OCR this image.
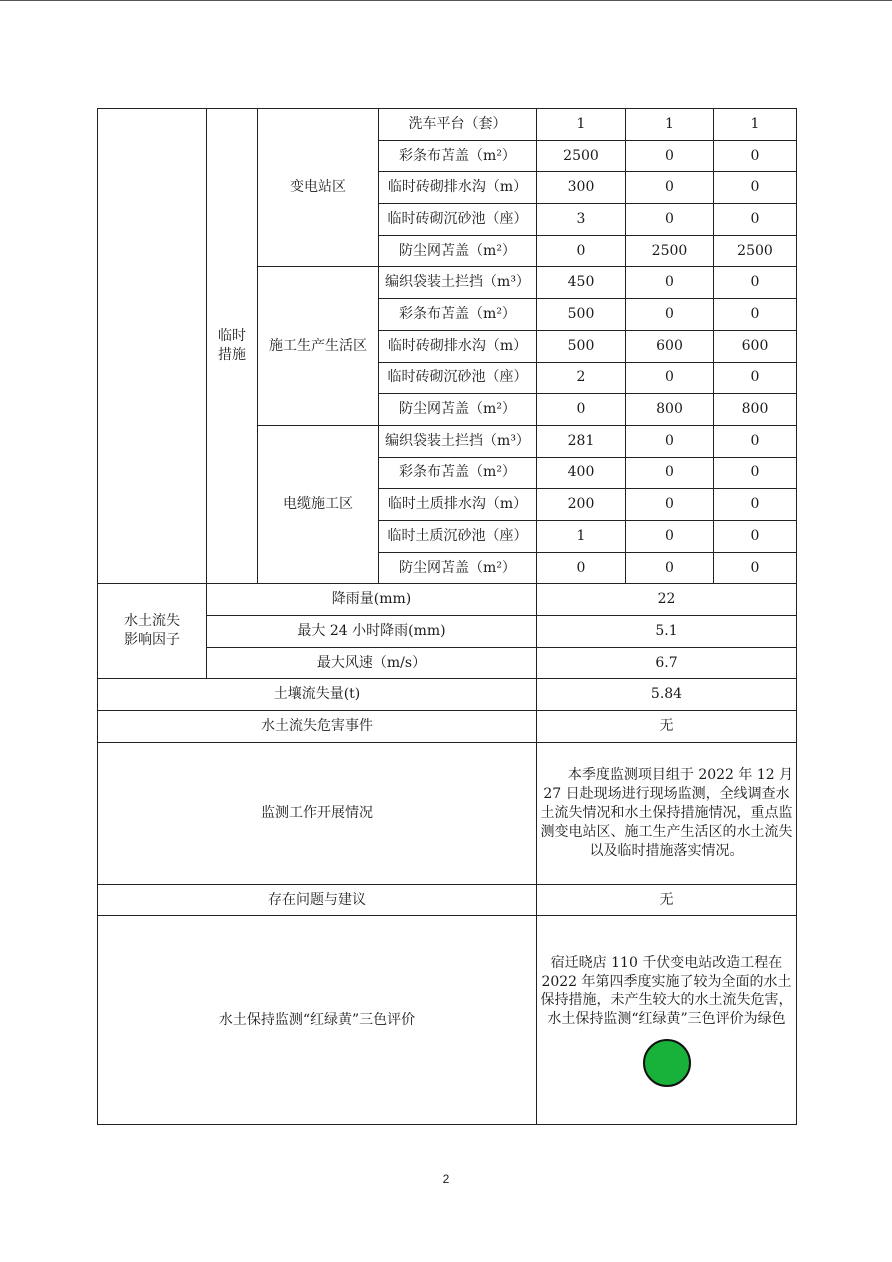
	临时措施	变电站区	洗车平台（套）	1	1	1
			彩条布苫盖（m²）	2500	0	0
			临时砖砌排水沟（m）	300	0	0
			临时砖砌沉砂池（座）	3	0	0
			防尘网苫盖（m²）	0	2500	2500
		施工生产生活区	编织袋装土拦挡（m³）	450	0	0
			彩条布苫盖（m²）	500	0	0
			临时砖砌排水沟（m）	500	600	600
			临时砖砌沉砂池（座）	2	0	0
			防尘网苫盖（m²）	0	800	800
		电缆施工区	编织袋装土拦挡（m³）	281	0	0
			彩条布苫盖（m²）	400	0	0
			临时土质排水沟（m）	200	0	0
			临时土质沉砂池（座）	1	0	0
			防尘网苫盖（m²）	0	0	0
水土流失影响因子	降雨量(mm)			22		
	最大 24 小时降雨(mm)			5.1		
	最大风速（m/s）			6.7		
土壤流失量(t)				5.84		
水土流失危害事件				无		
监测工作开展情况				本季度监测项目组于 2022 年 12 月 27 日赴现场进行现场监测，全线调查水土流失情况和水土保持措施情况，重点监测变电站区、施工生产生活区的水土流失以及临时措施落实情况。		

存在问题与建议				无		
水土保持监测“红绿黄”三色评价				宿迁晓店 110 千伏变电站改造工程在 2022 年第四季度实施了较为全面的水土保持措施，未产生较大的水土流失危害，水土保持监测“红绿黄”三色评价为绿色		
2
